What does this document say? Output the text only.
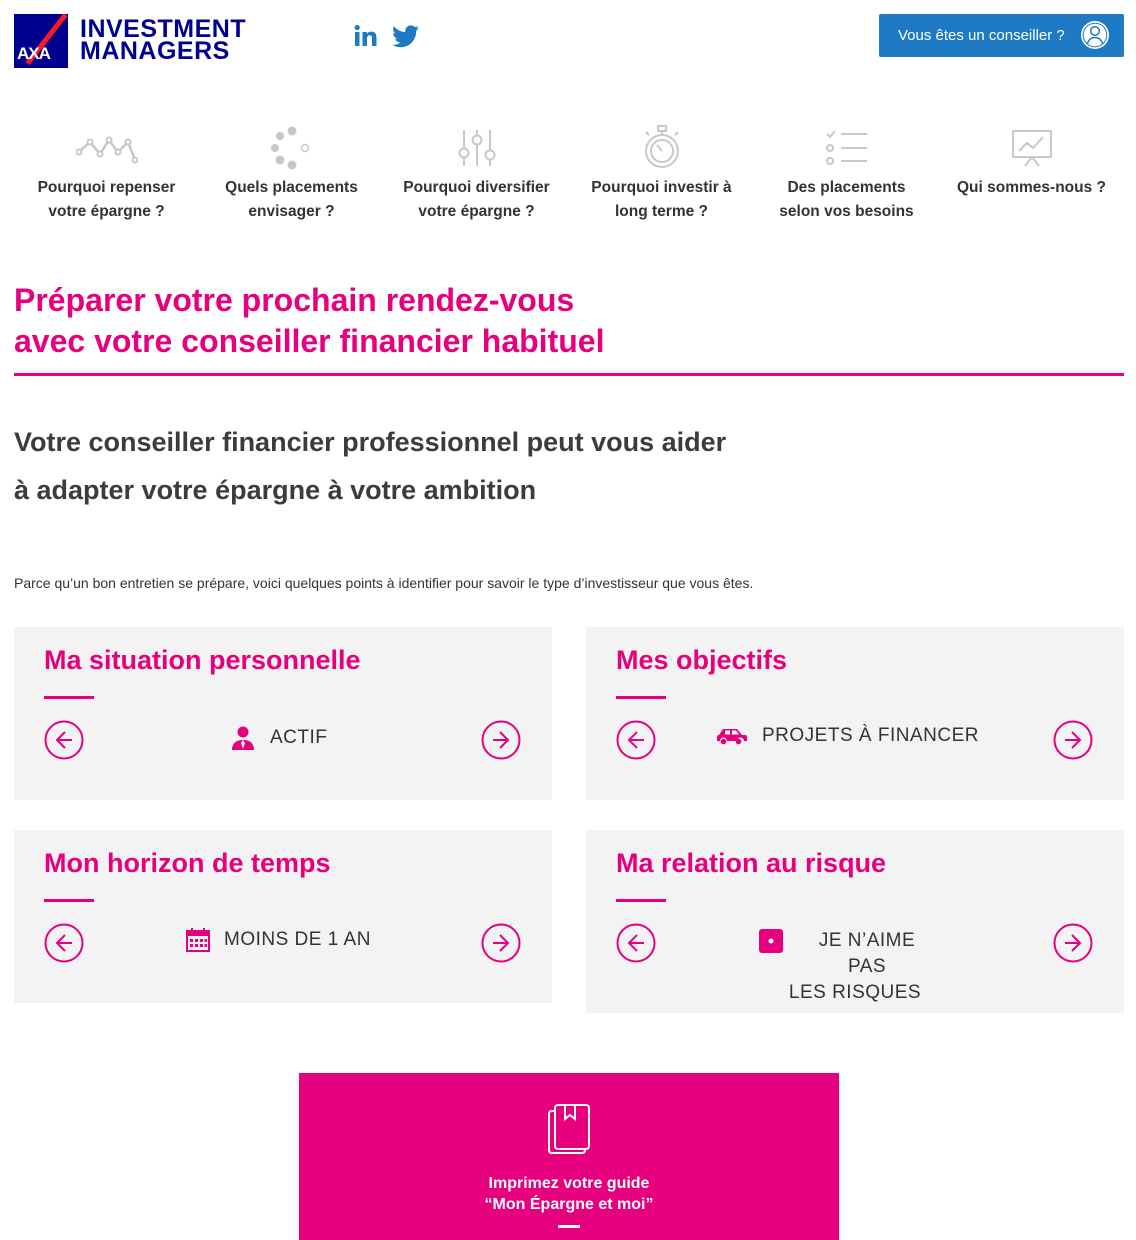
AXA
INVESTMENT
MANAGERS
Vous êtes un conseiller ?
Pourquoi repenser
votre épargne ?
Quels placements
envisager ?
Pourquoi diversifier
votre épargne ?
Pourquoi investir à
long terme ?
Des placements
selon vos besoins
Qui sommes-nous ?
Préparer votre prochain rendez-vous
avec votre conseiller financier habituel
Votre conseiller financier professionnel peut vous aider
à adapter votre épargne à votre ambition

Parce qu’un bon entretien se prépare, voici quelques points à identifier pour savoir le type d’investisseur que vous êtes.

Ma situation personnelle
ACTIF
Mes objectifs
PROJETS À FINANCER
Mon horizon de temps
MOINS DE 1 AN
Ma relation au risque
JE N’AIME PAS
LES RISQUES
Imprimez votre guide
“Mon Épargne et moi”
